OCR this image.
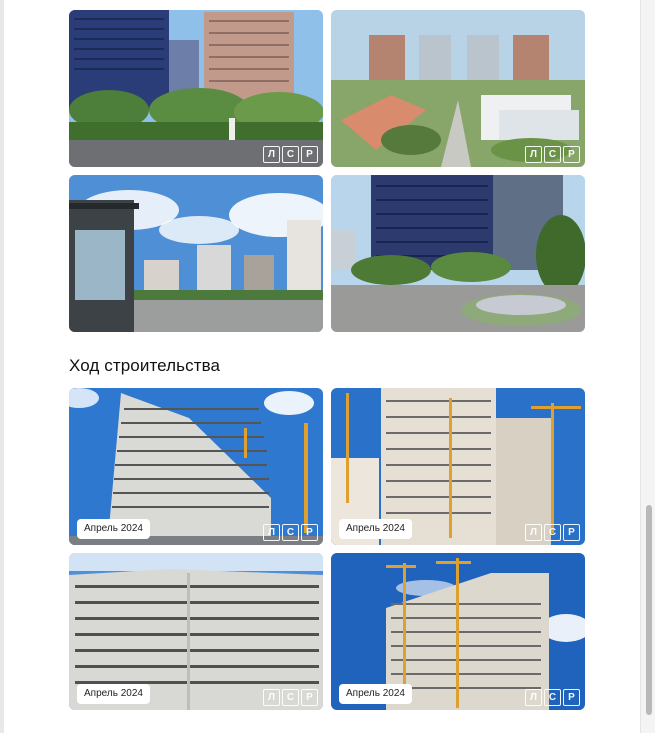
Л	С	Р	Л	С	Р
Ход строительства
Апрель 2024	Л	С	Р	Апрель 2024	Л	С	Р
Апрель 2024	Л	С	Р	Апрель 2024	Л	С	Р
